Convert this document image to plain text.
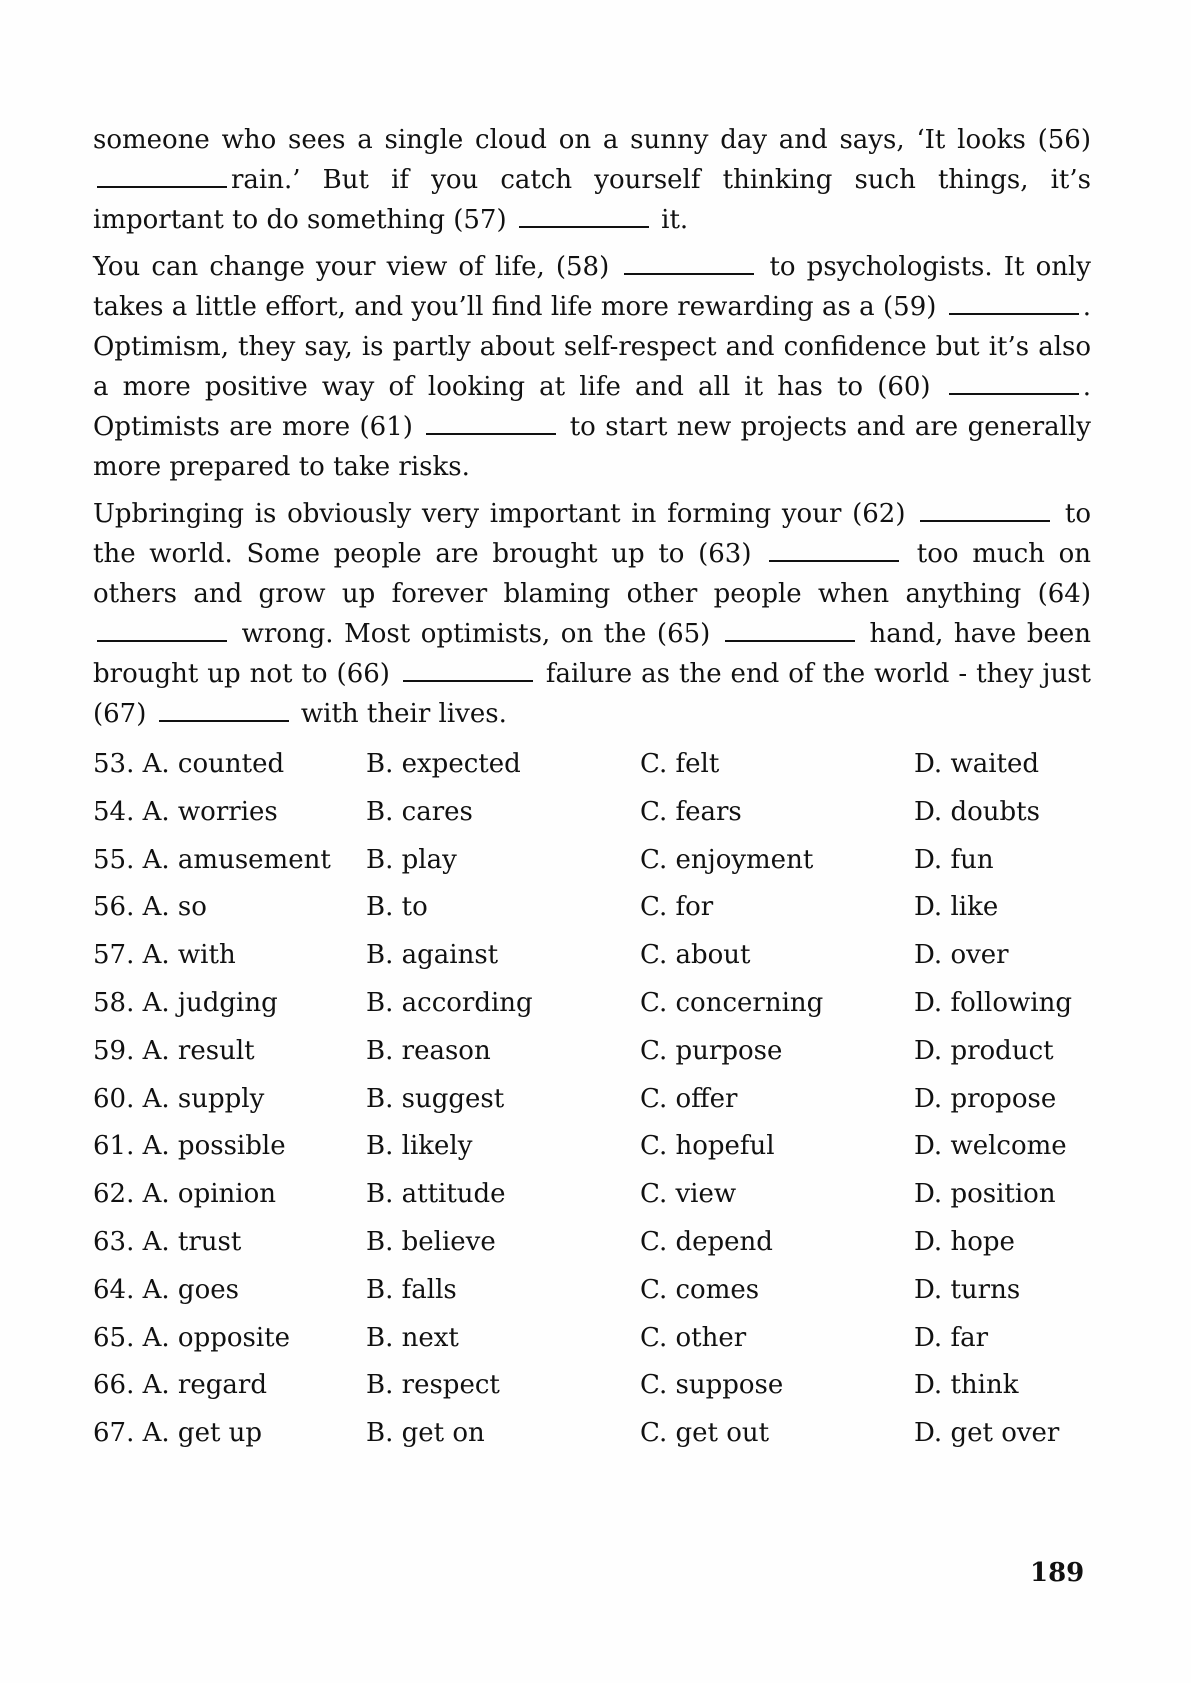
someone who sees a single cloud on a sunny day and says, ‘It looks (56) rain.’ But if you catch yourself thinking such things, it’s important to do something (57)	it.

You can change your view of life, (58)	to psychologists. It only takes a little effort, and you’ll find life more rewarding as a (59)	. Optimism, they say, is partly about self-respect and confidence but it’s also a more positive way of looking at life and all it has to (60)	. Optimists are more (61)	to start new projects and are generally more prepared to take risks.

Upbringing is obviously very important in forming your (62)	to the world. Some people are brought up to (63)	too much on others and grow up forever blaming other people when anything (64)  wrong. Most optimists, on the (65)	hand, have been brought up not to (66)	failure as the end of the world - they just (67)	with their lives.

53. A. counted	B. expected	C. felt	D. waited
54. A. worries	B. cares	C. fears	D. doubts
55. A. amusement	B. play	C. enjoyment	D. fun
56. A. so	B. to	C. for	D. like
57. A. with	B. against	C. about	D. over
58. A. judging	B. according	C. concerning	D. following
59. A. result	B. reason	C. purpose	D. product
60. A. supply	B. suggest	C. offer	D. propose
61. A. possible	B. likely	C. hopeful	D. welcome
62. A. opinion	B. attitude	C. view	D. position
63. A. trust	B. believe	C. depend	D. hope
64. A. goes	B. falls	C. comes	D. turns
65. A. opposite	B. next	C. other	D. far
66. A. regard	B. respect	C. suppose	D. think
67. A. get up	B. get on	C. get out	D. get over
189
